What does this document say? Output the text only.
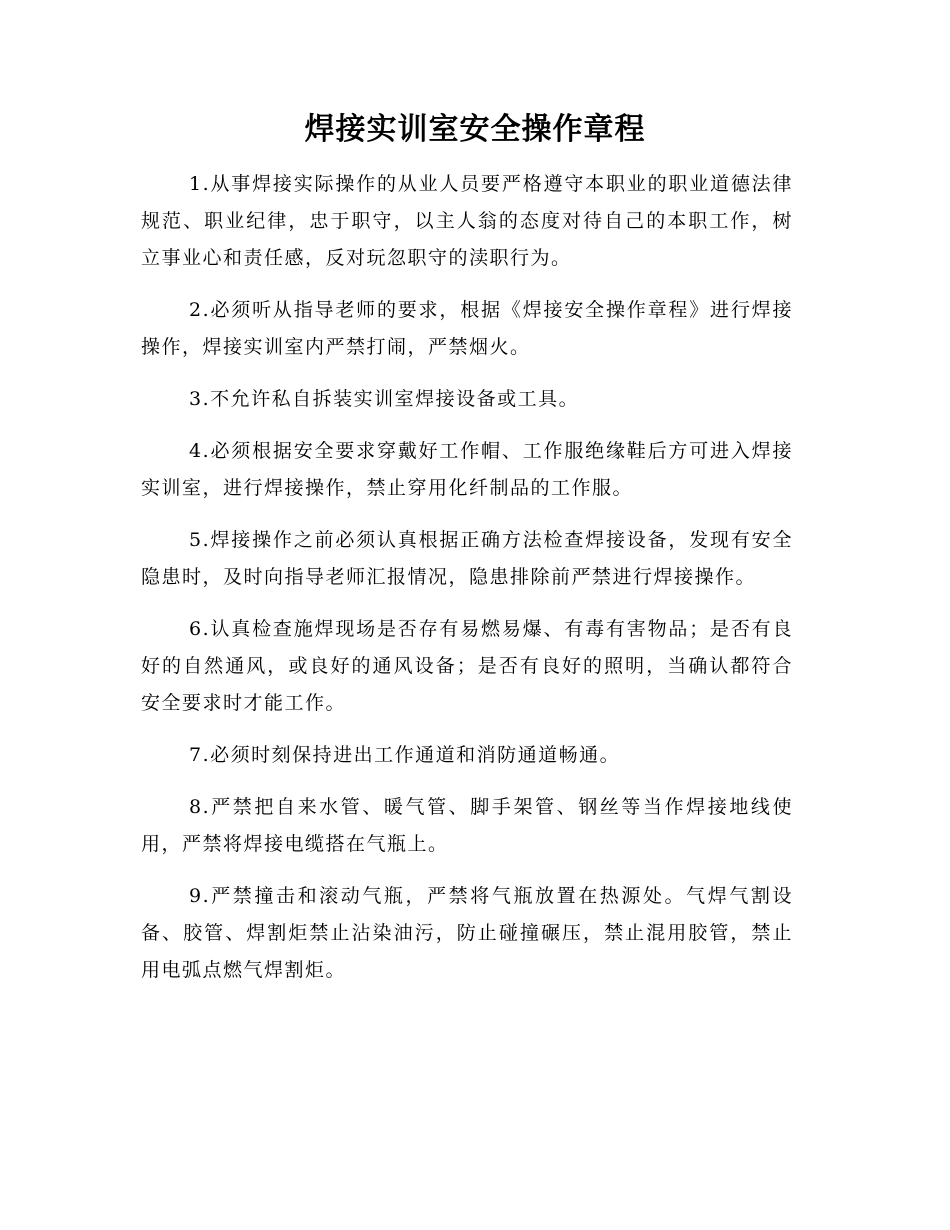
焊接实训室安全操作章程

1.从事焊接实际操作的从业人员要严格遵守本职业的职业道德法律规范、职业纪律，忠于职守，以主人翁的态度对待自己的本职工作，树立事业心和责任感，反对玩忽职守的渎职行为。

2.必须听从指导老师的要求，根据《焊接安全操作章程》进行焊接操作，焊接实训室内严禁打闹，严禁烟火。

3.不允许私自拆装实训室焊接设备或工具。

4.必须根据安全要求穿戴好工作帽、工作服绝缘鞋后方可进入焊接实训室，进行焊接操作，禁止穿用化纤制品的工作服。

5.焊接操作之前必须认真根据正确方法检查焊接设备，发现有安全隐患时，及时向指导老师汇报情况，隐患排除前严禁进行焊接操作。

6.认真检查施焊现场是否存有易燃易爆、有毒有害物品；是否有良好的自然通风，或良好的通风设备；是否有良好的照明，当确认都符合安全要求时才能工作。

7.必须时刻保持进出工作通道和消防通道畅通。

8.严禁把自来水管、暖气管、脚手架管、钢丝等当作焊接地线使用，严禁将焊接电缆搭在气瓶上。

9.严禁撞击和滚动气瓶，严禁将气瓶放置在热源处。气焊气割设备、胶管、焊割炬禁止沾染油污，防止碰撞碾压，禁止混用胶管，禁止用电弧点燃气焊割炬。
